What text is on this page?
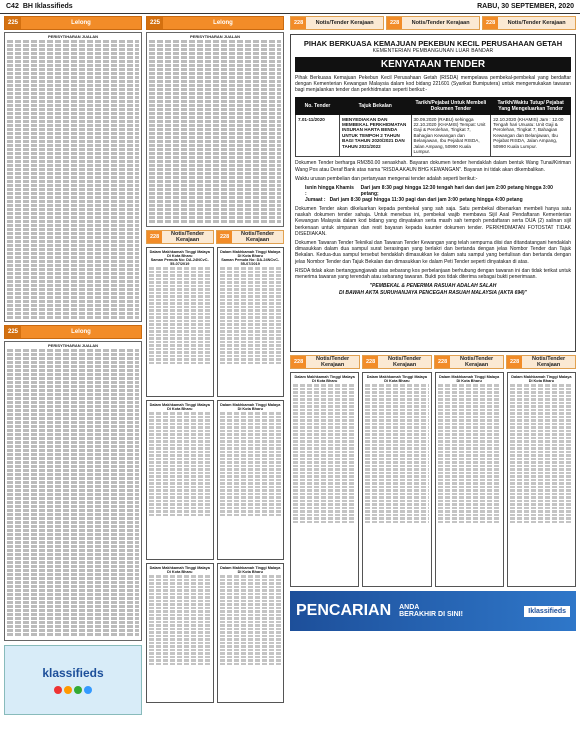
C42 BH Iklassifieds	RABU, 30 SEPTEMBER, 2020
225	Lelong
PERISYTIHARAN JUALAN
225	Lelong
PERISYTIHARAN JUALAN
klassifieds
225	Lelong
PERISYTIHARAN JUALAN
228	Notis/Tender Kerajaan	228	Notis/Tender Kerajaan
Dalam Makhkamah Tinggi Malaya Di Kota Bharu
Saman Pemula No: DA-24NCvC-55-07/2019
Dalam Makhkamah Tinggi Malaya Di Kota Bharu
Saman Pemula No: DA-24NCvC-55-07/2019
Dalam Makhkamah Tinggi Malaya Di Kota Bharu
Dalam Makhkamah Tinggi Malaya Di Kota Bharu
Dalam Makhkamah Tinggi Malaya Di Kota Bharu
Dalam Makhkamah Tinggi Malaya Di Kota Bharu
228	Notis/Tender Kerajaan	228	Notis/Tender Kerajaan	228	Notis/Tender Kerajaan
PIHAK BERKUASA KEMAJUAN PEKEBUN KECIL PERUSAHAAN GETAH
KEMENTERIAN PEMBANGUNAN LUAR BANDAR
KENYATAAN TENDER

Pihak Berkuasa Kemajuan Pekebun Kecil Perusahaan Getah (RISDA) mempelawa pembekal-pembekal yang berdaftar dengan Kementerian Kewangan Malaysia dalam kod bidang 221601 (Syarikat Bumiputera) untuk mengemukakan tawaran bagi menjalankan tender dan perkhidmatan seperti berikut:-

No. Tender	Tajuk Bekalan	Tarikh/Pejabat Untuk Membeli Dokumen Tender	Tarikh/Waktu Tutup/ Pejabat Yang Mengeluarkan Tender
7.01-11/2020	MENYEDIAKAN DAN MEMBEKAL PERKHIDMATAN INSURAN HARTA BENDA UNTUK TEMPOH 2 TAHUN BAGI TAHUN 2020/2021 DAN TAHUN 2021/2022	30.09.2020 (RABU) sehingga 22.10.2020 (KHAMIS) Tempat: Unit Gaji & Perolehan, Tingkat 7, Bahagian Kewangan dan Belanjawan, Ibu Pejabat RISDA, Jalan Ampang, 50990 Kuala Lumpur.	22.10.2020 (KHAMIS) Jam : 12.00 Tengah hari Unuatu: Unit Gaji & Perolehan, Tingkat 7, Bahagian Kewangan dan Belanjawan, Ibu Pejabat RISDA, Jalan Ampang, 50990 Kuala Lumpur.

Dokumen Tender berharga RM350.00 senaskhah. Bayaran dokumen tender hendaklah dalam bentuk Wang Tunai/Kiriman Wang Pos atau Deraf Bank atas nama "RISDA AKAUN BHG KEWANGAN". Bayaran ini tidak akan dikembalikan.

Waktu urusan pembelian dan pertanyaan mengenai tender adalah seperti berikut:-

Isnin hingga Khamis :
Dari jam 8:30 pagi hingga 12:30 tengah hari dan dari jam 2:00 petang hingga 3:00 petang;
Jumaat : Dari jam 8:30 pagi hingga 11:30 pagi dan dari jam 3:00 petang hingga 4:00 petang

Dokumen Tender akan dikeluarkan kepada pembekal yang sah saja. Satu pembekal dibenarkan membeli hanya satu naskah dokumen tender sahaja. Untuk menebus ini, pembekal wajib membawa Sijil Asal Pendaftaran Kementerian Kewangan Malaysia dalam kod bidang yang dinyatakan serta masih sah tempoh pendaftaran serta DUA (2) salinan sijil berkenaan untuk simpanan dan resit bayaran kepada kaunter dokumen tender. PERKHIDMATAN FOTOSTAT TIDAK DISEDIAKAN.

Dokumen Tawaran Tender Teknikal dan Tawaran Tender Kewangan yang telah sempurna diisi dan ditandatangani hendaklah dimasukkan dalam dua sampul surat berasingan yang berlakri dan bertanda dengan jelas Nombor Tender dan Tajuk Bekalan. Kedua-dua sampul tersebut hendaklah dimasukkan ke dalam satu sampul yang bertulisan dan bertanda dengan jelas Nombor Tender dan Tajuk Bekalan dan dimasukkan ke dalam Peti Tender seperti dinyatakan di atas.

RISDA tidak akan bertanggungjawab atas sebarang kos perbelanjaan berhubung dengan tawaran ini dan tidak terikat untuk menerima tawaran yang terendah atau sebarang tawaran. Bukti pos tidak diterima sebagai bukti penerimaan.

"PEMBEKAL & PENERIMA RASUAH ADALAH SALAH
DI BAWAH AKTA SURUHANJAYA PENCEGAH RASUAH MALAYSIA (AKTA 694)"
228	Notis/Tender Kerajaan	228	Notis/Tender Kerajaan	228	Notis/Tender Kerajaan	228	Notis/Tender Kerajaan
Dalam Makhkamah Tinggi Malaya Di Kota Bharu
Dalam Makhkamah Tinggi Malaya Di Kota Bharu
Dalam Makhkamah Tinggi Malaya Di Kota Bharu
Dalam Makhkamah Tinggi Malaya Di Kota Bharu
PENCARIAN ANDA
BERAKHIR DI SINI!	Iklassifieds
